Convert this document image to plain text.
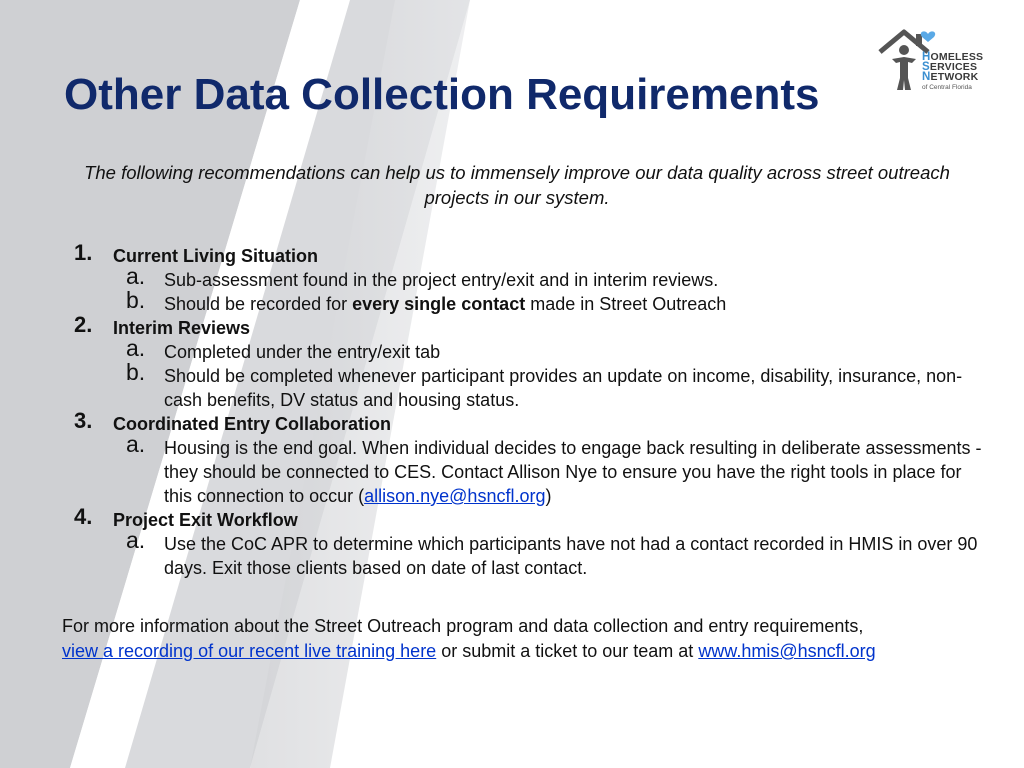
HOMELESS
SERVICES
NETWORK
of Central Florida
Other Data Collection Requirements

The following recommendations can help us to immensely improve our data quality across street outreach projects in our system.

1. Current Living Situation
a. Sub-assessment found in the project entry/exit and in interim reviews.
b. Should be recorded for every single contact made in Street Outreach
2. Interim Reviews
a. Completed under the entry/exit tab
b. Should be completed whenever participant provides an update on income, disability, insurance, non-cash benefits, DV status and housing status.
3. Coordinated Entry Collaboration
a. Housing is the end goal. When individual decides to engage back resulting in deliberate assessments - they should be connected to CES. Contact Allison Nye to ensure you have the right tools in place for this connection to occur (allison.nye@hsncfl.org)
4. Project Exit Workflow
a. Use the CoC APR to determine which participants have not had a contact recorded in HMIS in over 90 days. Exit those clients based on date of last contact.

For more information about the Street Outreach program and data collection and entry requirements,
view a recording of our recent live training here or submit a ticket to our team at www.hmis@hsncfl.org
